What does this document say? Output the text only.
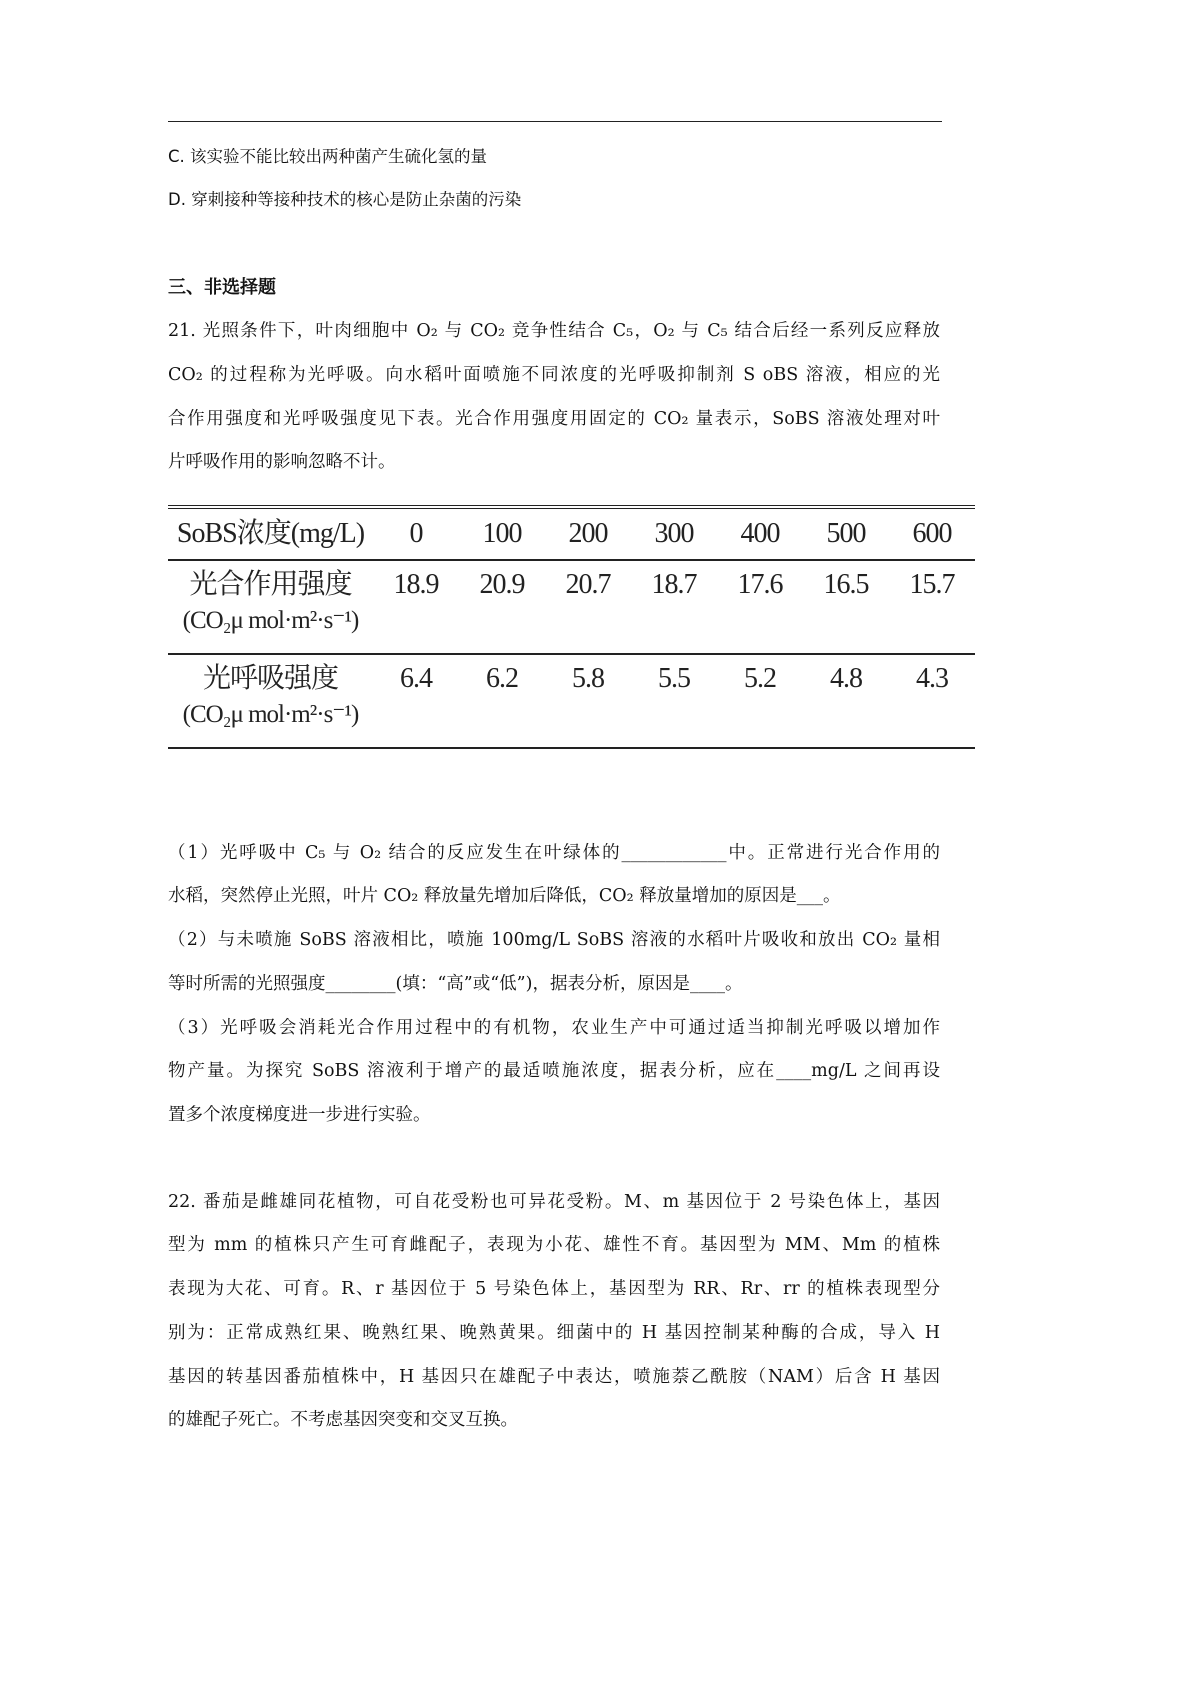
C. 该实验不能比较出两种菌产生硫化氢的量
D. 穿刺接种等接种技术的核心是防止杂菌的污染
三、非选择题
21. 光照条件下，叶肉细胞中 O₂ 与 CO₂ 竞争性结合 C₅，O₂ 与 C₅ 结合后经一系列反应释放
CO₂ 的过程称为光呼吸。向水稻叶面喷施不同浓度的光呼吸抑制剂 S oBS 溶液，相应的光
合作用强度和光呼吸强度见下表。光合作用强度用固定的 CO₂ 量表示，SoBS 溶液处理对叶
片呼吸作用的影响忽略不计。
SoBS浓度(mg/L)	0	100	200	300	400	500	600
光合作用强度
(CO₂μ mol·m²·s⁻¹)	18.9	20.9	20.7	18.7	17.6	16.5	15.7
光呼吸强度
(CO₂μ mol·m²·s⁻¹)	6.4	6.2	5.8	5.5	5.2	4.8	4.3
（1）光呼吸中 C₅ 与 O₂ 结合的反应发生在叶绿体的____________中。正常进行光合作用的
水稻，突然停止光照，叶片 CO₂ 释放量先增加后降低，CO₂ 释放量增加的原因是___。
（2）与未喷施 SoBS 溶液相比，喷施 100mg/L SoBS 溶液的水稻叶片吸收和放出 CO₂ 量相
等时所需的光照强度________(填：“高”或“低”)，据表分析，原因是____。
（3）光呼吸会消耗光合作用过程中的有机物，农业生产中可通过适当抑制光呼吸以增加作
物产量。为探究 SoBS 溶液利于增产的最适喷施浓度，据表分析，应在____mg/L 之间再设
置多个浓度梯度进一步进行实验。
22. 番茄是雌雄同花植物，可自花受粉也可异花受粉。M、m 基因位于 2 号染色体上，基因
型为 mm 的植株只产生可育雌配子，表现为小花、雄性不育。基因型为 MM、Mm 的植株
表现为大花、可育。R、r 基因位于 5 号染色体上，基因型为 RR、Rr、rr 的植株表现型分
别为：正常成熟红果、晚熟红果、晚熟黄果。细菌中的 H 基因控制某种酶的合成，导入 H
基因的转基因番茄植株中，H 基因只在雄配子中表达，喷施萘乙酰胺（NAM）后含 H 基因
的雄配子死亡。不考虑基因突变和交叉互换。
